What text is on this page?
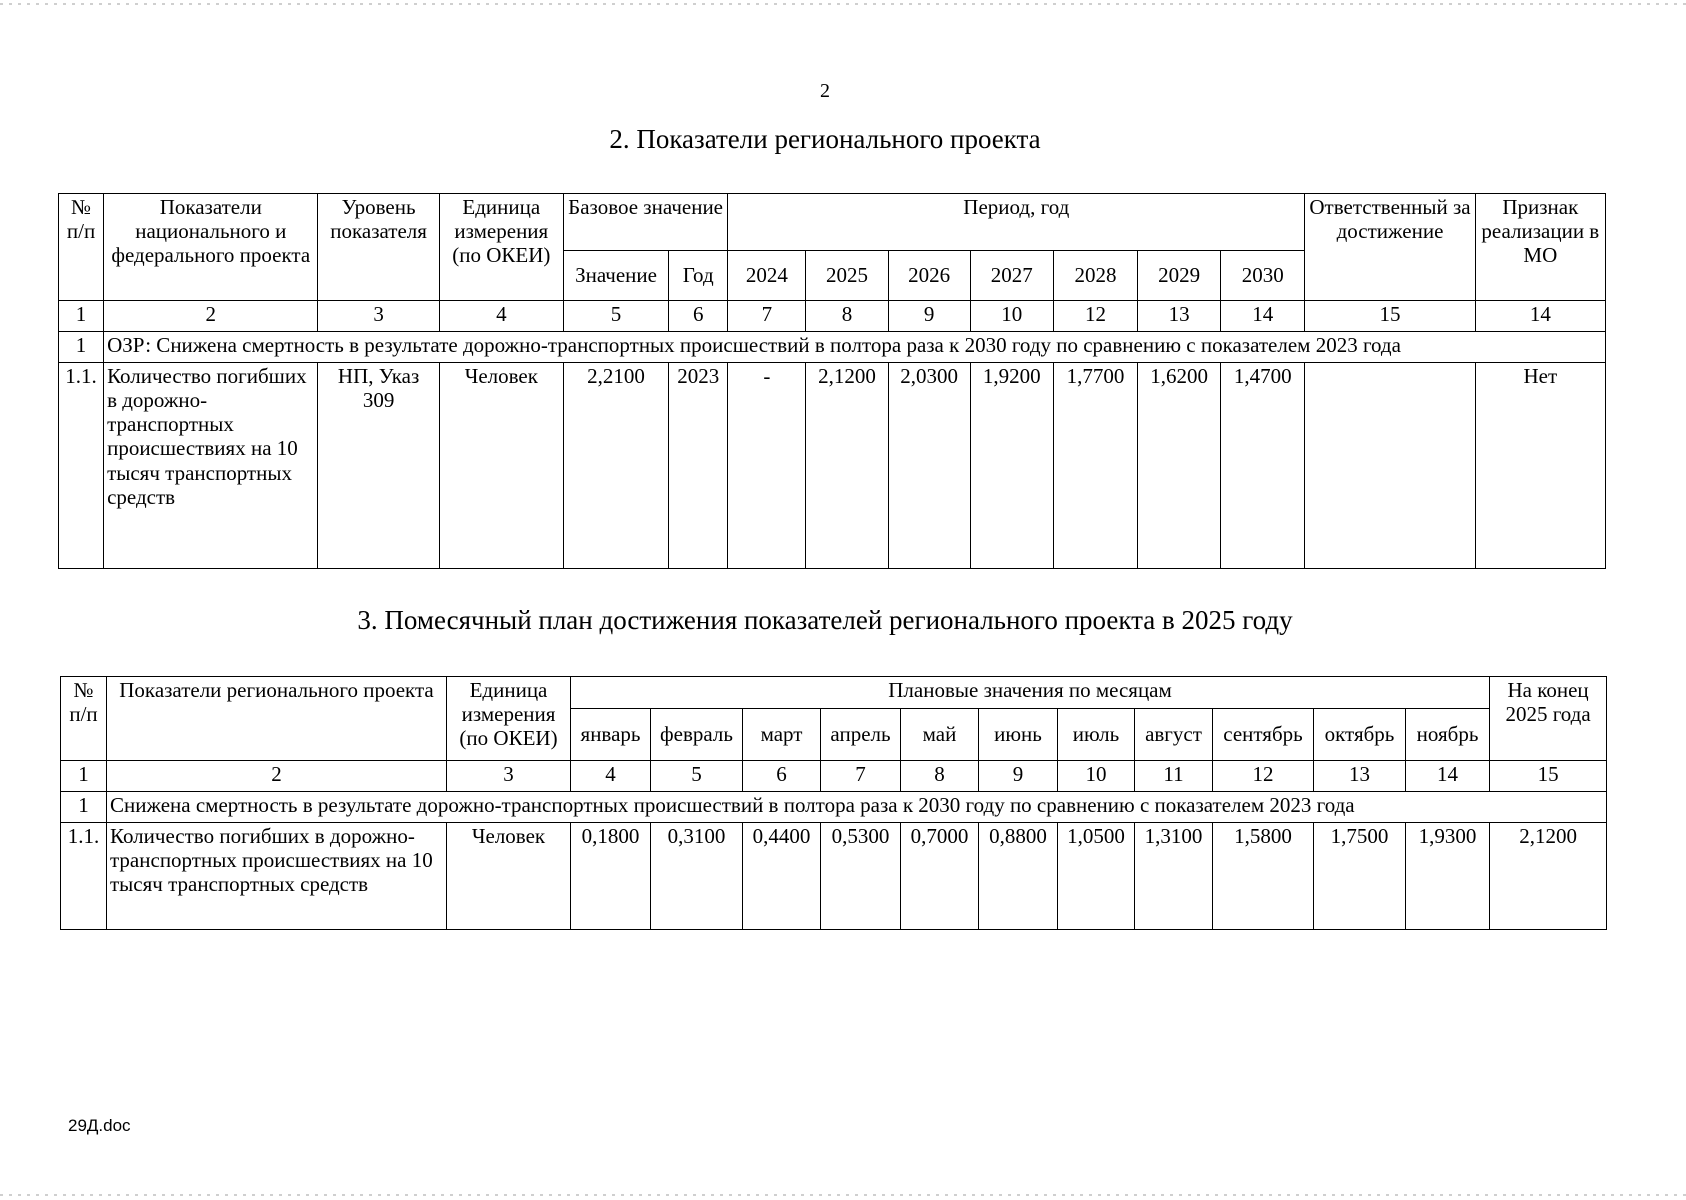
2
2. Показатели регионального проекта
№ п/п	Показатели национального и федерального проекта	Уровень показателя	Единица измерения (по ОКЕИ)	Базовое значение		Период, год							Ответственный за достижение	Признак реализации в МО
				Значение	Год	2024	2025	2026	2027	2028	2029	2030		
1	2	3	4	5	6	7	8	9	10	12	13	14	15	14
1	ОЗР: Снижена смертность в результате дорожно-транспортных происшествий в полтора раза к 2030 году по сравнению с показателем 2023 года													
1.1.	Количество погибших в дорожно-транспортных происшествиях на 10 тысяч транспортных средств	НП, Указ 309	Человек	2,2100	2023	-	2,1200	2,0300	1,9200	1,7700	1,6200	1,4700		Нет
3. Помесячный план достижения показателей регионального проекта в 2025 году
№ п/п	Показатели регионального проекта	Единица измерения (по ОКЕИ)	Плановые значения по месяцам											На конец 2025 года
			январь	февраль	март	апрель	май	июнь	июль	август	сентябрь	октябрь	ноябрь	
1	2	3	4	5	6	7	8	9	10	11	12	13	14	15
1	Снижена смертность в результате дорожно-транспортных происшествий в полтора раза к 2030 году по сравнению с показателем 2023 года													
1.1.	Количество погибших в дорожно-транспортных происшествиях на 10 тысяч транспортных средств	Человек	0,1800	0,3100	0,4400	0,5300	0,7000	0,8800	1,0500	1,3100	1,5800	1,7500	1,9300	2,1200
29Д.doc
